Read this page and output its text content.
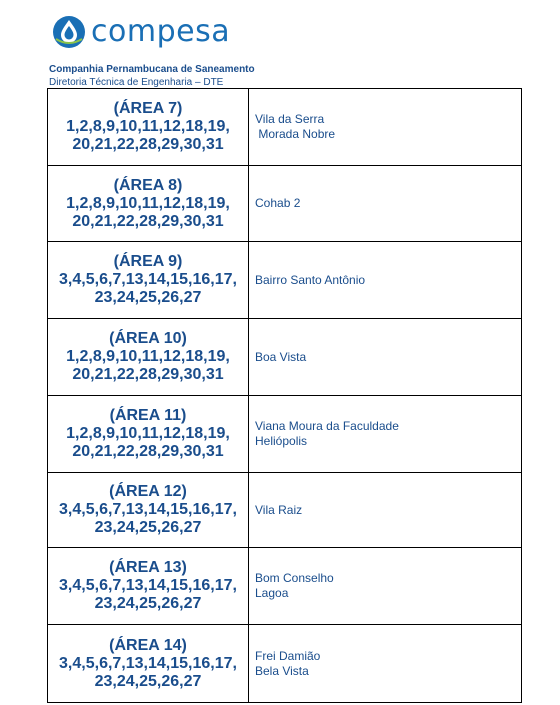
compesa
Companhia Pernambucana de Saneamento
Diretoria Técnica de Engenharia – DTE
(ÁREA 7)
1,2,8,9,10,11,12,18,19,
20,21,22,28,29,30,31	Vila da Serra
Morada Nobre

(ÁREA 8)
1,2,8,9,10,11,12,18,19,
20,21,22,28,29,30,31	Cohab 2

(ÁREA 9)
3,4,5,6,7,13,14,15,16,17,
23,24,25,26,27	Bairro Santo Antônio

(ÁREA 10)
1,2,8,9,10,11,12,18,19,
20,21,22,28,29,30,31	Boa Vista

(ÁREA 11)
1,2,8,9,10,11,12,18,19,
20,21,22,28,29,30,31	Viana Moura da Faculdade
Heliópolis

(ÁREA 12)
3,4,5,6,7,13,14,15,16,17,
23,24,25,26,27	Vila Raiz

(ÁREA 13)
3,4,5,6,7,13,14,15,16,17,
23,24,25,26,27	Bom Conselho
Lagoa

(ÁREA 14)
3,4,5,6,7,13,14,15,16,17,
23,24,25,26,27	Frei Damião
Bela Vista
